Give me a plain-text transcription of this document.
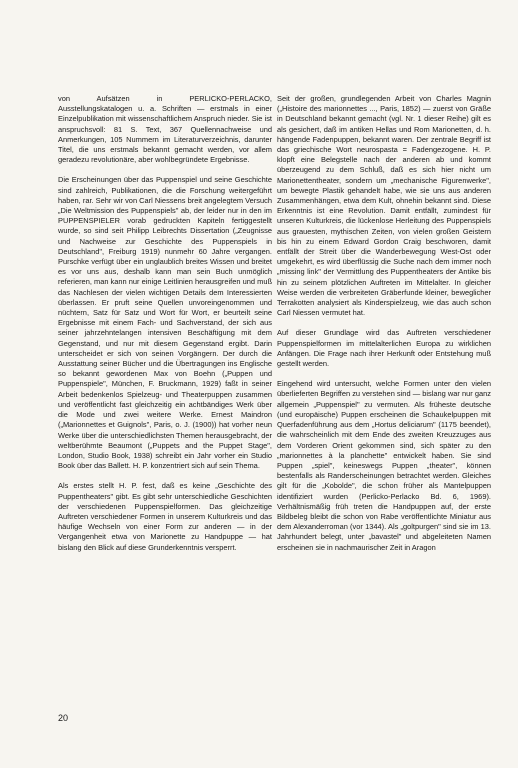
von Aufsätzen in PERLICKO-PERLACKO, Ausstellungskatalogen u. a. Schriften — erstmals in einer Einzelpublikation mit wissenschaftlichem Anspruch nieder. Sie ist anspruchsvoll: 81 S. Text, 367 Quellennachweise und Anmerkungen, 105 Nummern im Literaturverzeichnis, darunter Titel, die uns erstmals bekannt gemacht werden, vor allem geradezu revolutionäre, aber wohlbegründete Ergebnisse.

Die Erscheinungen über das Puppenspiel und seine Geschichte sind zahlreich, Publikationen, die die Forschung weitergeführt haben, rar. Sehr wir von Carl Niessens breit angelegtem Versuch „Die Weltmission des Puppenspiels" ab, der leider nur in den im PUPPENSPIELER vorab gedruckten Kapiteln fertiggestellt wurde, so sind seit Philipp Leibrechts Dissertation („Zeugnisse und Nachweise zur Geschichte des Puppenspiels in Deutschland", Freiburg 1919) nunmehr 60 Jahre vergangen. Purschke verfügt über ein unglaublich breites Wissen und breitet es vor uns aus, deshalb kann man sein Buch unmöglich referieren, man kann nur einige Leitlinien herausgreifen und muß das Nachlesen der vielen wichtigen Details dem Interessierten überlassen. Er pruft seine Quellen unvoreingenommen und nüchtern, Satz für Satz und Wort für Wort, er beurteilt seine Ergebnisse mit einem Fach- und Sachverstand, der sich aus seiner jahrzehntelangen intensiven Beschäftigung mit dem Gegenstand, und nur mit diesem Gegenstand ergibt. Darin unterscheidet er sich von seinen Vorgängern. Der durch die Ausstattung seiner Bücher und die Übertragungen ins Englische so bekannt gewordenen Max von Boehn („Puppen und Puppenspiele", München, F. Bruckmann, 1929) faßt in seiner Arbeit bedenkenlos Spielzeug- und Theaterpuppen zusammen und veröffentlicht fast gleichzeitig ein achtbändiges Werk über die Mode und zwei weitere Werke. Ernest Maindron („Marionnettes et Guignols", Paris, o. J. (1900)) hat vorher neun Werke über die unterschiedlichsten Themen herausgebracht, der weltberühmte Beaumont („Puppets and the Puppet Stage", London, Studio Book, 1938) schreibt ein Jahr vorher ein Studio Book über das Ballett. H. P. konzentriert sich auf sein Thema.

Als erstes stellt H. P. fest, daß es keine „Geschichte des Puppentheaters" gibt. Es gibt sehr unterschiedliche Geschichten der verschiedenen Puppenspielformen. Das gleichzeitige Auftreten verschiedener Formen in unserem Kulturkreis und das häufige Wechseln von einer Form zur anderen — in der Vergangenheit etwa von Marionette zu Handpuppe — hat bislang den Blick auf diese Grunderkenntnis versperrt.

Seit der großen, grundlegenden Arbeit von Charles Magnin („Histoire des marionnettes ..., Paris, 1852) — zuerst von Gräße in Deutschland bekannt gemacht (vgl. Nr. 1 dieser Reihe) gilt es als gesichert, daß im antiken Hellas und Rom Marionetten, d. h. hängende Fadenpuppen, bekannt waren. Der zentrale Begriff ist das griechische Wort neurospasta = Fadengezogene. H. P. klopft eine Belegstelle nach der anderen ab und kommt überzeugend zu dem Schluß, daß es sich hier nicht um Marionettentheater, sondern um „mechanische Figurenwerke", um bewegte Plastik gehandelt habe, wie sie uns aus anderen Zusammenhängen, etwa dem Kult, ohnehin bekannt sind. Diese Erkenntnis ist eine Revolution. Damit entfällt, zumindest für unseren Kulturkreis, die lückenlose Herleitung des Puppenspiels aus grauesten, mythischen Zeiten, von vielen großen Geistern bis hin zu einem Edward Gordon Craig beschworen, damit entfällt der Streit über die Wanderbewegung West-Ost oder umgekehrt, es wird überflüssig die Suche nach dem immer noch „missing link" der Vermittlung des Puppentheaters der Antike bis hin zu seinem plötzlichen Auftreten im Mittelalter. In gleicher Weise werden die verbreiteten Gräberfunde kleiner, beweglicher Terrakotten analysiert als Kinderspielzeug, wie das auch schon Carl Niessen vermutet hat.

Auf dieser Grundlage wird das Auftreten verschiedener Puppenspielformen im mittelalterlichen Europa zu wirklichen Anfängen. Die Frage nach ihrer Herkunft oder Entstehung muß gestellt werden.

Eingehend wird untersucht, welche Formen unter den vielen überlieferten Begriffen zu verstehen sind — bislang war nur ganz allgemein „Puppenspiel" zu vermuten. Als früheste deutsche (und europäische) Puppen erscheinen die Schaukelpuppen mit Querfadenführung aus dem „Hortus deliciarum" (1175 beendet), die wahrscheinlich mit dem Ende des zweiten Kreuzzuges aus dem Vorderen Orient gekommen sind, sich später zu den „marionnettes à la planchette" entwickelt haben. Sie sind Puppen „spiel", keineswegs Puppen „theater", können bestenfalls als Randerscheinungen betrachtet werden. Gleiches gilt für die „Kobolde", die schon früher als Mantelpuppen identifiziert wurden (Perlicko-Perlacko Bd. 6, 1969). Verhältnismäßig früh treten die Handpuppen auf, der erste Bildbeleg bleibt die schon von Rabe veröffentlichte Miniatur aus dem Alexanderroman (vor 1344). Als „goltpurgen" sind sie im 13. Jahrhundert belegt, unter „bavastel" und abgeleiteten Namen erscheinen sie in nachmaurischer Zeit in Aragon

20
